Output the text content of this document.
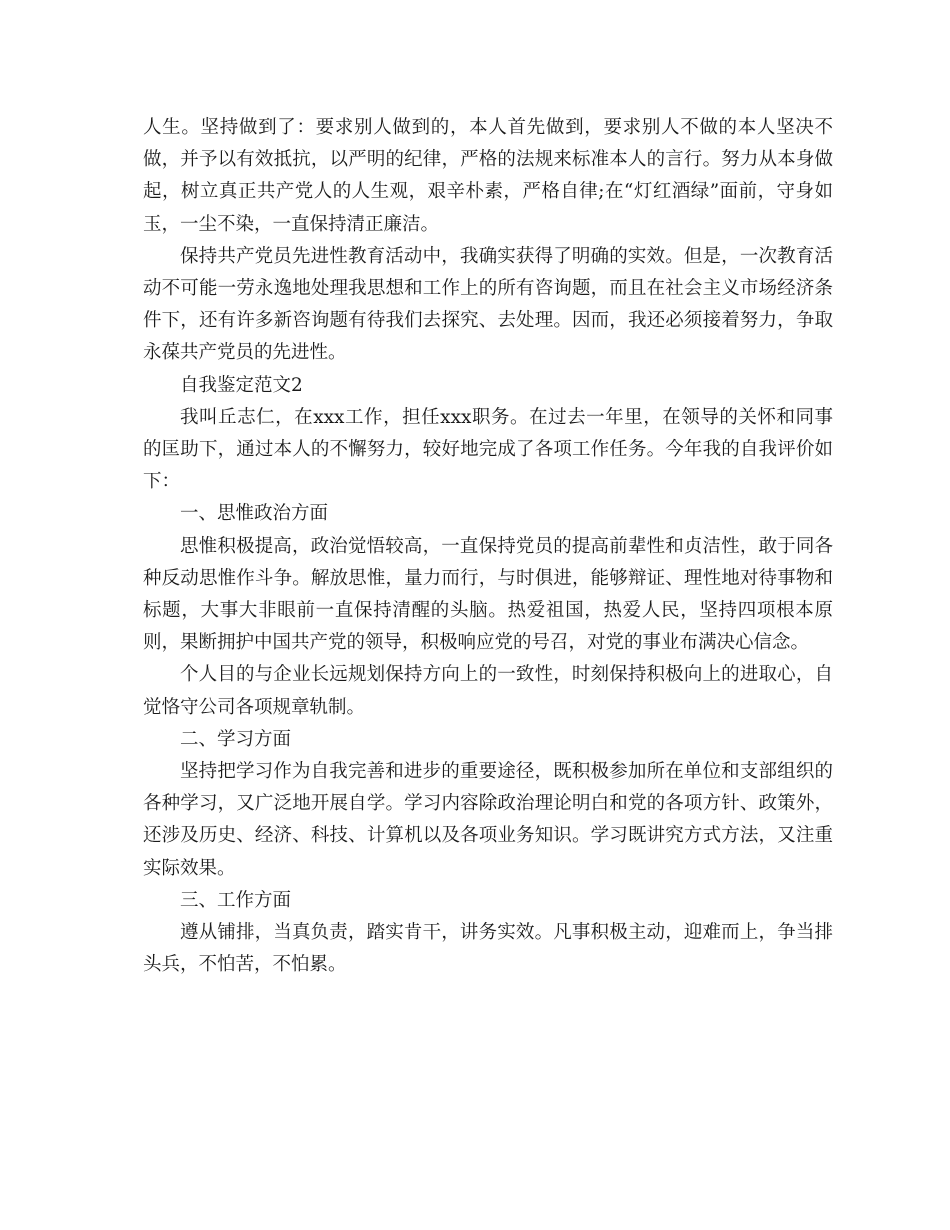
人生。坚持做到了：要求别人做到的，本人首先做到，要求别人不做的本人坚决不做，并予以有效抵抗，以严明的纪律，严格的法规来标准本人的言行。努力从本身做起，树立真正共产党人的人生观，艰辛朴素，严格自律;在“灯红酒绿”面前，守身如玉，一尘不染，一直保持清正廉洁。

保持共产党员先进性教育活动中，我确实获得了明确的实效。但是，一次教育活动不可能一劳永逸地处理我思想和工作上的所有咨询题，而且在社会主义市场经济条件下，还有许多新咨询题有待我们去探究、去处理。因而，我还必须接着努力，争取永葆共产党员的先进性。

自我鉴定范文2

我叫丘志仁，在xxx工作，担任xxx职务。在过去一年里，在领导的关怀和同事的匡助下，通过本人的不懈努力，较好地完成了各项工作任务。今年我的自我评价如下：

一、思惟政治方面

思惟积极提高，政治觉悟较高，一直保持党员的提高前辈性和贞洁性，敢于同各种反动思惟作斗争。解放思惟，量力而行，与时俱进，能够辩证、理性地对待事物和标题，大事大非眼前一直保持清醒的头脑。热爱祖国，热爱人民，坚持四项根本原则，果断拥护中国共产党的领导，积极响应党的号召，对党的事业布满决心信念。

个人目的与企业长远规划保持方向上的一致性，时刻保持积极向上的进取心，自觉恪守公司各项规章轨制。

二、学习方面

坚持把学习作为自我完善和进步的重要途径，既积极参加所在单位和支部组织的各种学习，又广泛地开展自学。学习内容除政治理论明白和党的各项方针、政策外，还涉及历史、经济、科技、计算机以及各项业务知识。学习既讲究方式方法，又注重实际效果。

三、工作方面

遵从铺排，当真负责，踏实肯干，讲务实效。凡事积极主动，迎难而上，争当排头兵，不怕苦，不怕累。
